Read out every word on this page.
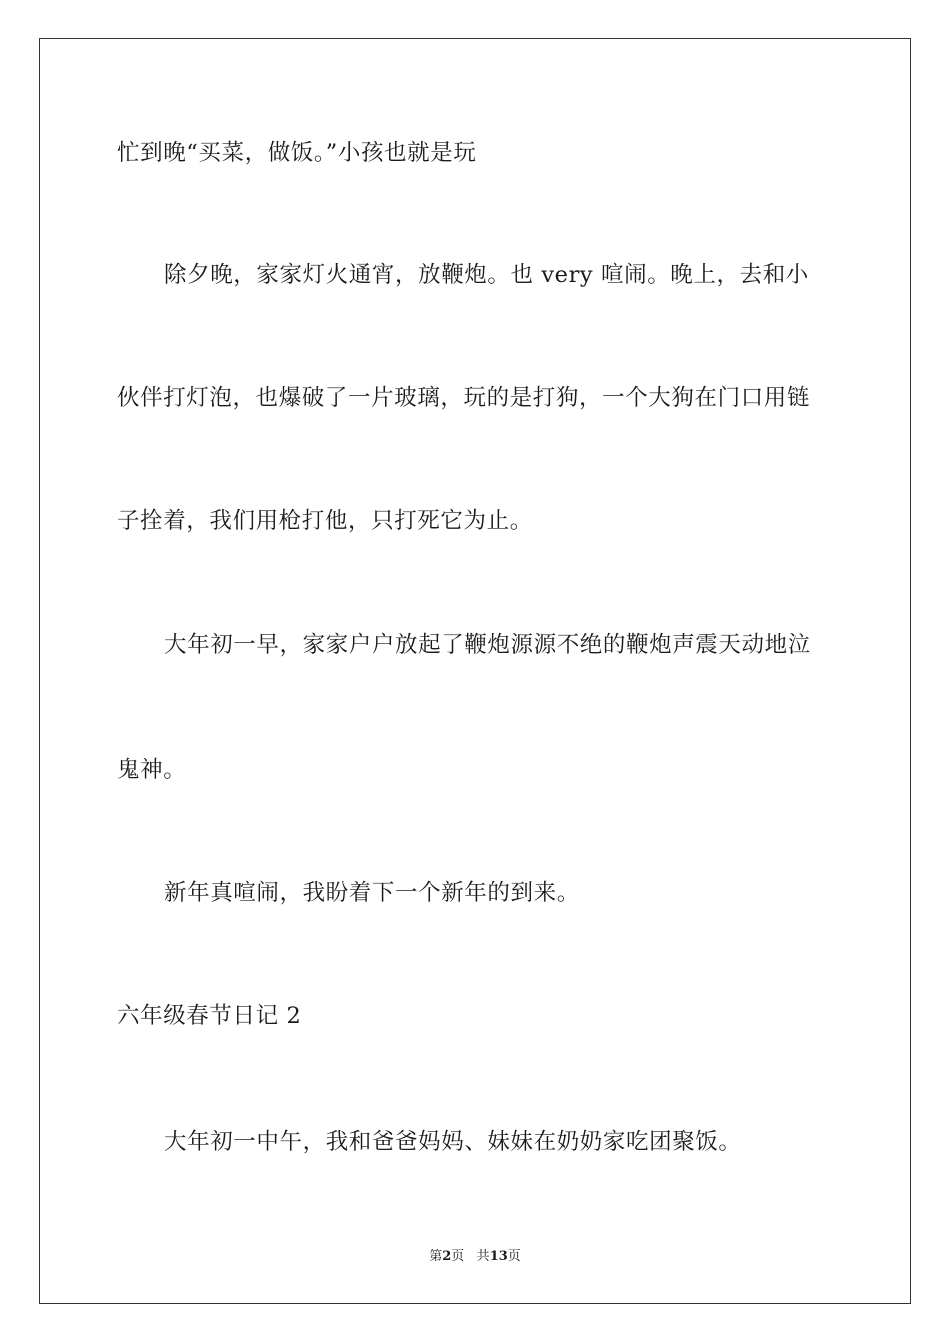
忙到晚“买菜，做饭。”小孩也就是玩
除夕晚，家家灯火通宵，放鞭炮。也 very 喧闹。晚上，去和小
伙伴打灯泡，也爆破了一片玻璃，玩的是打狗，一个大狗在门口用链
子拴着，我们用枪打他，只打死它为止。
大年初一早，家家户户放起了鞭炮源源不绝的鞭炮声震天动地泣
鬼神。
新年真喧闹，我盼着下一个新年的到来。
六年级春节日记 2
大年初一中午，我和爸爸妈妈、妹妹在奶奶家吃团聚饭。
第2页 共13页
